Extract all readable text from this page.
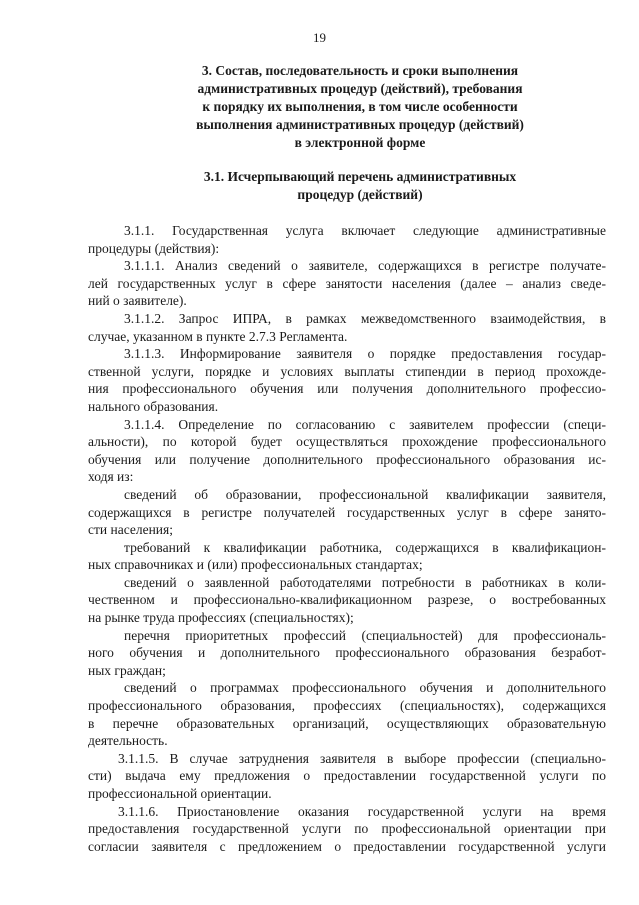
19
3. Состав, последовательность и сроки выполнения
административных процедур (действий), требования
к порядку их выполнения, в том числе особенности
выполнения административных процедур (действий)
в электронной форме
3.1. Исчерпывающий перечень административных
процедур (действий)

3.1.1. Государственная услуга включает следующие административные
процедуры (действия):

3.1.1.1. Анализ сведений о заявителе, содержащихся в регистре получате-
лей государственных услуг в сфере занятости населения (далее – анализ сведе-
ний о заявителе).

3.1.1.2. Запрос ИПРА, в рамках межведомственного взаимодействия, в
случае, указанном в пункте 2.7.3 Регламента.

3.1.1.3. Информирование заявителя о порядке предоставления государ-
ственной услуги, порядке и условиях выплаты стипендии в период прохожде-
ния профессионального обучения или получения дополнительного профессио-
нального образования.

3.1.1.4. Определение по согласованию с заявителем профессии (специ-
альности), по которой будет осуществляться прохождение профессионального
обучения или получение дополнительного профессионального образования ис-
ходя из:

сведений об образовании, профессиональной квалификации заявителя,
содержащихся в регистре получателей государственных услуг в сфере занято-
сти населения;

требований к квалификации работника, содержащихся в квалификацион-
ных справочниках и (или) профессиональных стандартах;

сведений о заявленной работодателями потребности в работниках в коли-
чественном и профессионально-квалификационном разрезе, о востребованных
на рынке труда профессиях (специальностях);

перечня приоритетных профессий (специальностей) для профессиональ-
ного обучения и дополнительного профессионального образования безработ-
ных граждан;

сведений о программах профессионального обучения и дополнительного
профессионального образования, профессиях (специальностях), содержащихся
в перечне образовательных организаций, осуществляющих образовательную
деятельность.

3.1.1.5. В случае затруднения заявителя в выборе профессии (специально-
сти) выдача ему предложения о предоставлении государственной услуги по
профессиональной ориентации.

3.1.1.6. Приостановление оказания государственной услуги на время
предоставления государственной услуги по профессиональной ориентации при
согласии заявителя с предложением о предоставлении государственной услуги
